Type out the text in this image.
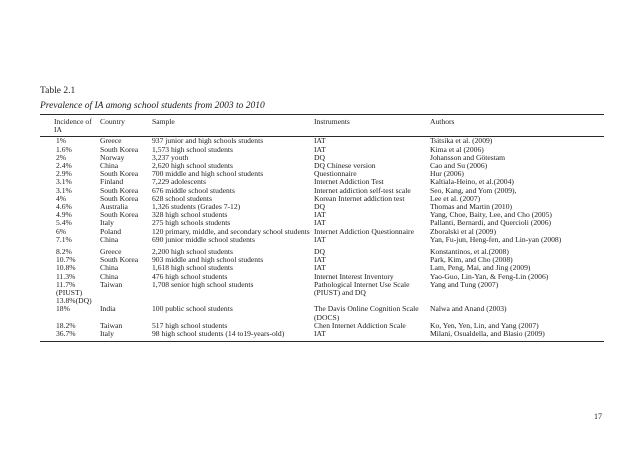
Table 2.1
Prevalence of IA among school students from 2003 to 2010
Incidence of IA	Country	Sample	Instruments	Authors
1%	Greece	937 junior and high schools students	IAT	Tsitsika et al. (2009)
1.6%	South Korea	1,573 high school students	IAT	Kima et al (2006)
2%	Norway	3,237 youth	DQ	Johansson and Götestam
2.4%	China	2,620 high school students	DQ Chinese version	Cao and Su (2006)
2.9%	South Korea	700 middle and high school students	Questionnaire	Hur (2006)
3.1%	Finland	7,229 adolescents	Internet Addiction Test	Kaltiala-Heino, et al.(2004)
3.1%	South Korea	676 middle school students	Internet addiction self-test scale	Seo, Kang, and Yom (2009),
4%	South Korea	628 school students	Korean Internet addiction test	Lee et al. (2007)
4.6%	Australia	1,326 students (Grades 7-12)	DQ	Thomas and Martin (2010)
4.9%	South Korea	328 high school students	IAT	Yang, Choe, Baity, Lee, and Cho (2005)
5.4%	Italy	275 high schools students	IAT	Pallanti, Bernardi, and Quercioli (2006)
6%	Poland	120 primary, middle, and secondary school students	Internet Addiction Questionnaire	Zboralski et al (2009)
7.1%	China	690 junior middle school students	IAT	Yan, Fu-jun, Heng-fen, and Lin-yan (2008)
8.2%	Greece	2,200 high school students	DQ	Konstantinos, et al.(2008)
10.7%	South Korea	903 middle and high school students	IAT	Park, Kim, and Cho (2008)
10.8%	China	1,618 high school students	IAT	Lam, Peng, Mai, and Jing (2009)
11.3%	China	476 high school students	Internet Interest Inventory	Yao-Guo, Lin-Yan, & Feng-Lin (2006)
11.7%(PIUST) 13.8%(DQ)	Taiwan	1,708 senior high school students	Pathological Internet Use Scale (PIUST) and DQ	Yang and Tung (2007)
18%	India	100 public school students	The Davis Online Cognition Scale (DOCS)	Nalwa and Anand (2003)
18.2%	Taiwan	517 high school students	Chen Internet Addiction Scale	Ko, Yen, Yen, Lin, and Yang (2007)
36.7%	Italy	98 high school students (14 to19-years-old)	IAT	Milani, Osualdella, and Blasio (2009)
17
